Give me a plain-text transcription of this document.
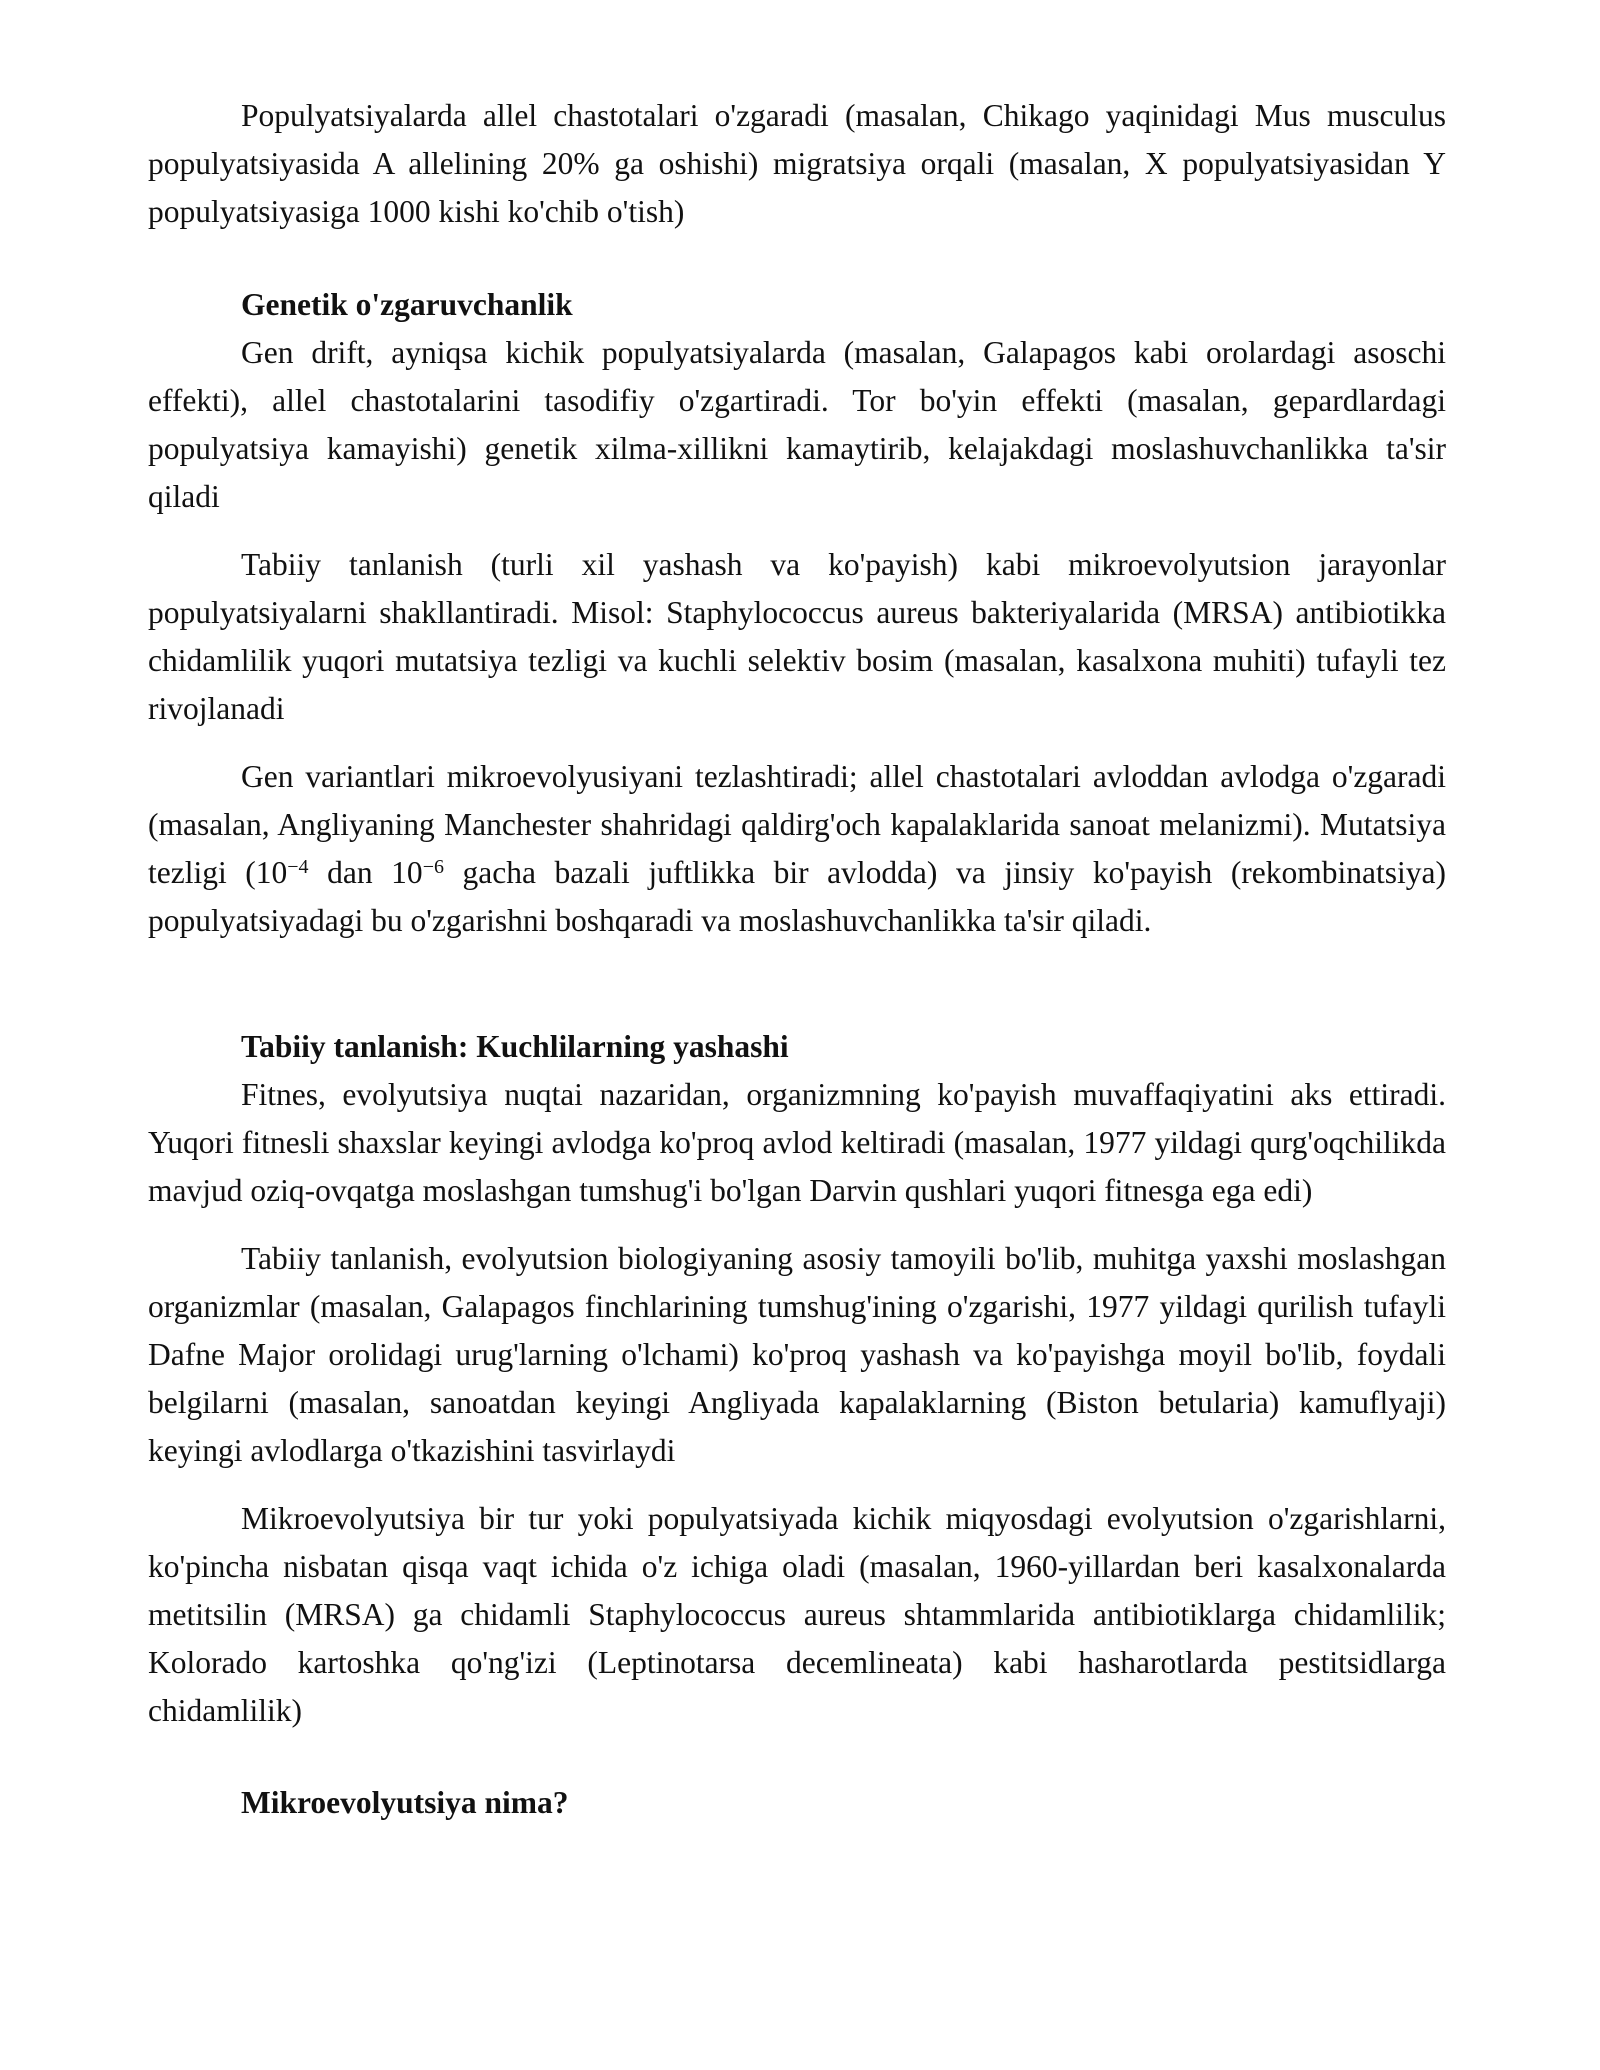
Populyatsiyalarda allel chastotalari o'zgaradi (masalan, Chikago yaqinidagi Mus musculus populyatsiyasida A allelining 20% ga oshishi) migratsiya orqali (masalan, X populyatsiyasidan Y populyatsiyasiga 1000 kishi ko'chib o'tish)

Genetik o'zgaruvchanlik

Gen drift, ayniqsa kichik populyatsiyalarda (masalan, Galapagos kabi orolardagi asoschi effekti), allel chastotalarini tasodifiy o'zgartiradi. Tor bo'yin effekti (masalan, gepardlardagi populyatsiya kamayishi) genetik xilma-xillikni kamaytirib, kelajakdagi moslashuvchanlikka ta'sir qiladi

Tabiiy tanlanish (turli xil yashash va ko'payish) kabi mikroevolyutsion jarayonlar populyatsiyalarni shakllantiradi. Misol: Staphylococcus aureus bakteriyalarida (MRSA) antibiotikka chidamlilik yuqori mutatsiya tezligi va kuchli selektiv bosim (masalan, kasalxona muhiti) tufayli tez rivojlanadi

Gen variantlari mikroevolyusiyani tezlashtiradi; allel chastotalari avloddan avlodga o'zgaradi (masalan, Angliyaning Manchester shahridagi qaldirg'och kapalaklarida sanoat melanizmi). Mutatsiya tezligi ($10^{-4}$ dan $10^{-6}$ gacha bazali juftlikka bir avlodda) va jinsiy ko'payish (rekombinatsiya) populyatsiyadagi bu o'zgarishni boshqaradi va moslashuvchanlikka ta'sir qiladi.

Tabiiy tanlanish: Kuchlilarning yashashi

Fitnes, evolyutsiya nuqtai nazaridan, organizmning ko'payish muvaffaqiyatini aks ettiradi. Yuqori fitnesli shaxslar keyingi avlodga ko'proq avlod keltiradi (masalan, 1977 yildagi qurg'oqchilikda mavjud oziq-ovqatga moslashgan tumshug'i bo'lgan Darvin qushlari yuqori fitnesga ega edi)

Tabiiy tanlanish, evolyutsion biologiyaning asosiy tamoyili bo'lib, muhitga yaxshi moslashgan organizmlar (masalan, Galapagos finchlarining tumshug'ining o'zgarishi, 1977 yildagi qurilish tufayli Dafne Major orolidagi urug'larning o'lchami) ko'proq yashash va ko'payishga moyil bo'lib, foydali belgilarni (masalan, sanoatdan keyingi Angliyada kapalaklarning (Biston betularia) kamuflyaji) keyingi avlodlarga o'tkazishini tasvirlaydi

Mikroevolyutsiya bir tur yoki populyatsiyada kichik miqyosdagi evolyutsion o'zgarishlarni, ko'pincha nisbatan qisqa vaqt ichida o'z ichiga oladi (masalan, 1960-yillardan beri kasalxonalarda metitsilin (MRSA) ga chidamli Staphylococcus aureus shtammlarida antibiotiklarga chidamlilik; Kolorado kartoshka qo'ng'izi (Leptinotarsa decemlineata) kabi hasharotlarda pestitsidlarga chidamlilik)

Mikroevolyutsiya nima?
